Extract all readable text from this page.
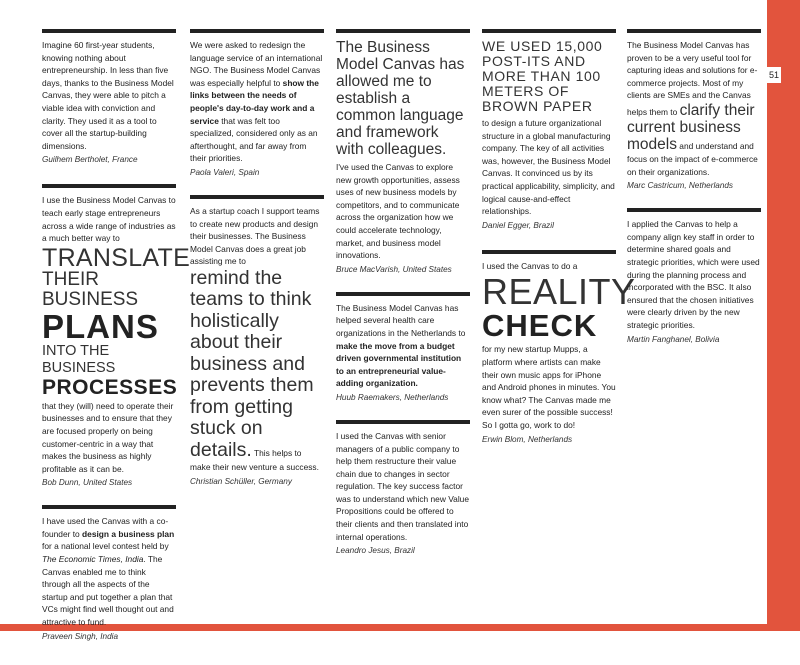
51

Imagine 60 first-year students, knowing nothing about entrepreneurship. In less than five days, thanks to the Business Model Canvas, they were able to pitch a viable idea with conviction and clarity. They used it as a tool to cover all the startup-building dimensions.

Guilhem Bertholet, France

I use the Business Model Canvas to teach early stage entrepreneurs across a wide range of industries as a much better way to

TRANSLATE
THEIR BUSINESS
PLANS
INTO THE BUSINESS
PROCESSES

that they (will) need to operate their businesses and to ensure that they are focused properly on being customer-centric in a way that makes the business as highly profitable as it can be.

Bob Dunn, United States

I have used the Canvas with a co-founder to design a business plan for a national level contest held by The Economic Times, India. The Canvas enabled me to think through all the aspects of the startup and put together a plan that VCs might find well thought out and attractive to fund.

Praveen Singh, India

We were asked to redesign the language service of an international NGO. The Business Model Canvas was especially helpful to show the links between the needs of people's day-to-day work and a service that was felt too specialized, considered only as an afterthought, and far away from their priorities.

Paola Valeri, Spain

As a startup coach I support teams to create new products and design their businesses. The Business Model Canvas does a great job assisting me to

remind the teams to think holistically about their business and prevents them from getting stuck on details. This helps to make their new venture a success.

Christian Schüller, Germany

The Business Model Canvas has allowed me to establish a common language and framework with colleagues.

I've used the Canvas to explore new growth opportunities, assess uses of new business models by competitors, and to communicate across the organization how we could accelerate technology, market, and business model innovations.

Bruce MacVarish, United States

The Business Model Canvas has helped several health care organizations in the Netherlands to make the move from a budget driven governmental institution to an entrepreneurial value-adding organization.

Huub Raemakers, Netherlands

I used the Canvas with senior managers of a public company to help them restructure their value chain due to changes in sector regulation. The key success factor was to understand which new Value Propositions could be offered to their clients and then translated into internal operations.

Leandro Jesus, Brazil

WE USED 15,000 POST-ITS AND MORE THAN 100 METERS OF BROWN PAPER

to design a future organizational structure in a global manufacturing company. The key of all activities was, however, the Business Model Canvas. It convinced us by its practical applicability, simplicity, and logical cause-and-effect relationships.

Daniel Egger, Brazil

I used the Canvas to do a

REALITY
CHECK

for my new startup Mupps, a platform where artists can make their own music apps for iPhone and Android phones in minutes. You know what? The Canvas made me even surer of the possible success! So I gotta go, work to do!

Erwin Blom, Netherlands

The Business Model Canvas has proven to be a very useful tool for capturing ideas and solutions for e-commerce projects. Most of my clients are SMEs and the Canvas helps them to clarify their current business models and understand and focus on the impact of e-commerce on their organizations.

Marc Castricum, Netherlands

I applied the Canvas to help a company align key staff in order to determine shared goals and strategic priorities, which were used during the planning process and incorporated with the BSC. It also ensured that the chosen initiatives were clearly driven by the new strategic priorities.

Martin Fanghanel, Bolivia
